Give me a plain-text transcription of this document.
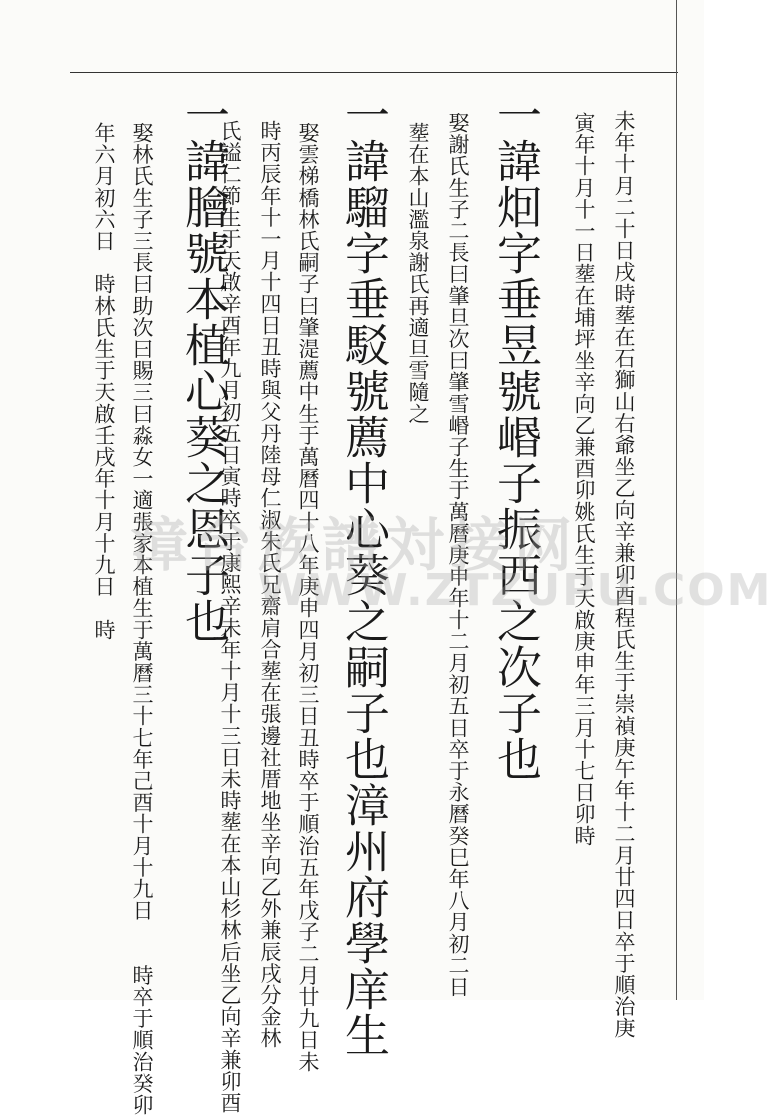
未年十月二十日戌時塟在石獅山右爺坐乙向辛兼卯酉程氏生于崇禎庚午年十二月廿四日卒于順治庚
寅年十月十一日塟在埔坪坐辛向乙兼酉卯姚氏生于天啟庚申年三月十七日卯時
一諱𤇆字垂昱號㟭子振西之次子也
娶謝氏生子二長曰肇旦次曰肇雪㟭子生于萬曆庚申年十二月初五日卒于永曆癸巳年八月初二日
塟在本山濫泉謝氏再適旦雪隨之
一諱騮字垂駁號薦中心葵之嗣子也漳州府學庠生
娶雲梯橋林氏嗣子曰肇湜薦中生于萬曆四十八年庚申四月初三日丑時卒于順治五年戊子二月廿九日未
時丙辰年十一月十四日丑時與父丹陸母仁淑朱氏兄齋肩合塟在張邊社厝地坐辛向乙外兼辰戌分金林
氏謚仁節生于天啟辛酉年九月初五日寅時卒于康熙辛未年十月十三日未時塟在本山杉林后坐乙向辛兼卯酉
一諱膾號本植心葵之恩子也
娶林氏生子三長曰助次曰賜三曰淼女一適張家本植生于萬曆三十七年己酉十月十九日　　時卒于順治癸卯
年六月初六日　時林氏生于天啟壬戌年十月十九日　時 漳台族譜対接网
WWW.ZTZUPU.COM
